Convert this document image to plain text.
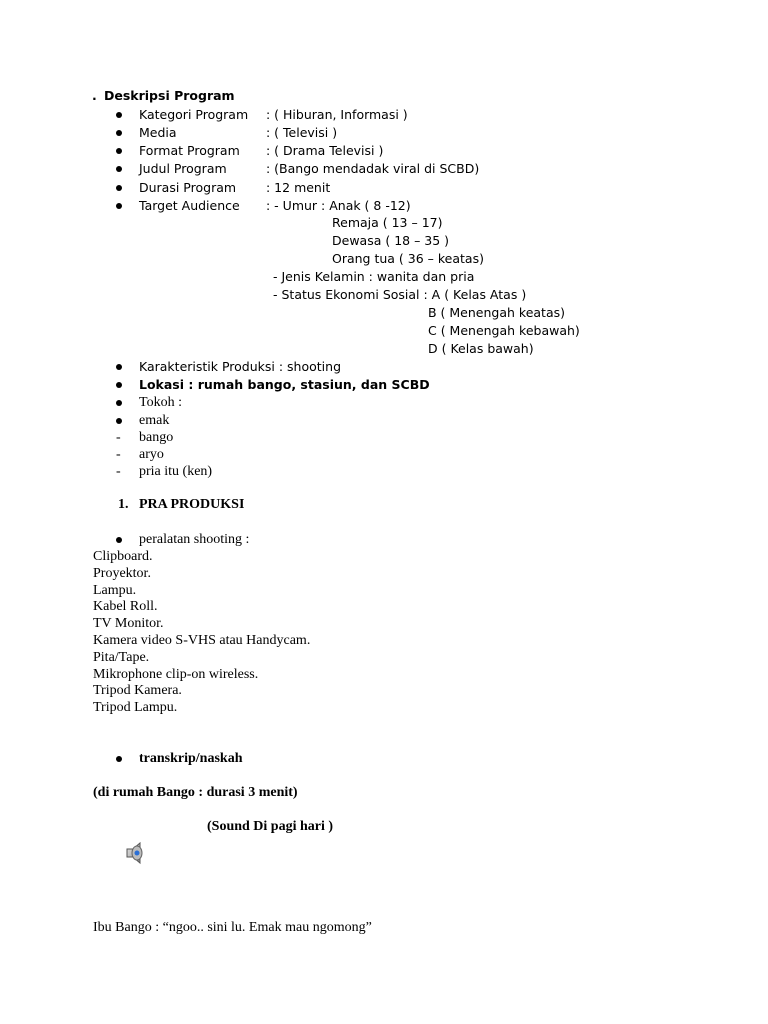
. Deskripsi Program
Kategori Program : ( Hiburan, Informasi )
Media	: ( Televisi )
Format Program : ( Drama Televisi )
Judul Program	: (Bango mendadak viral di SCBD)
Durasi Program : 12 menit
Target Audience : - Umur : Anak ( 8 -12)
Remaja ( 13 – 17)
Dewasa ( 18 – 35 )
Orang tua ( 36 – keatas)
- Jenis Kelamin : wanita dan pria
- Status Ekonomi Sosial : A ( Kelas Atas )
B ( Menengah keatas)
C ( Menengah kebawah)
D ( Kelas bawah)
Karakteristik Produksi : shooting
Lokasi : rumah bango, stasiun, dan SCBD
Tokoh :
emak
- bango
- aryo
- pria itu (ken)
1. PRA PRODUKSI
peralatan shooting :
Clipboard.
Proyektor.
Lampu.
Kabel Roll.
TV Monitor.
Kamera video S-VHS atau Handycam.
Pita/Tape.
Mikrophone clip-on wireless.
Tripod Kamera.
Tripod Lampu.
transkrip/naskah
(di rumah Bango : durasi 3 menit)
(Sound Di pagi hari )
Ibu Bango : “ngoo.. sini lu. Emak mau ngomong”
